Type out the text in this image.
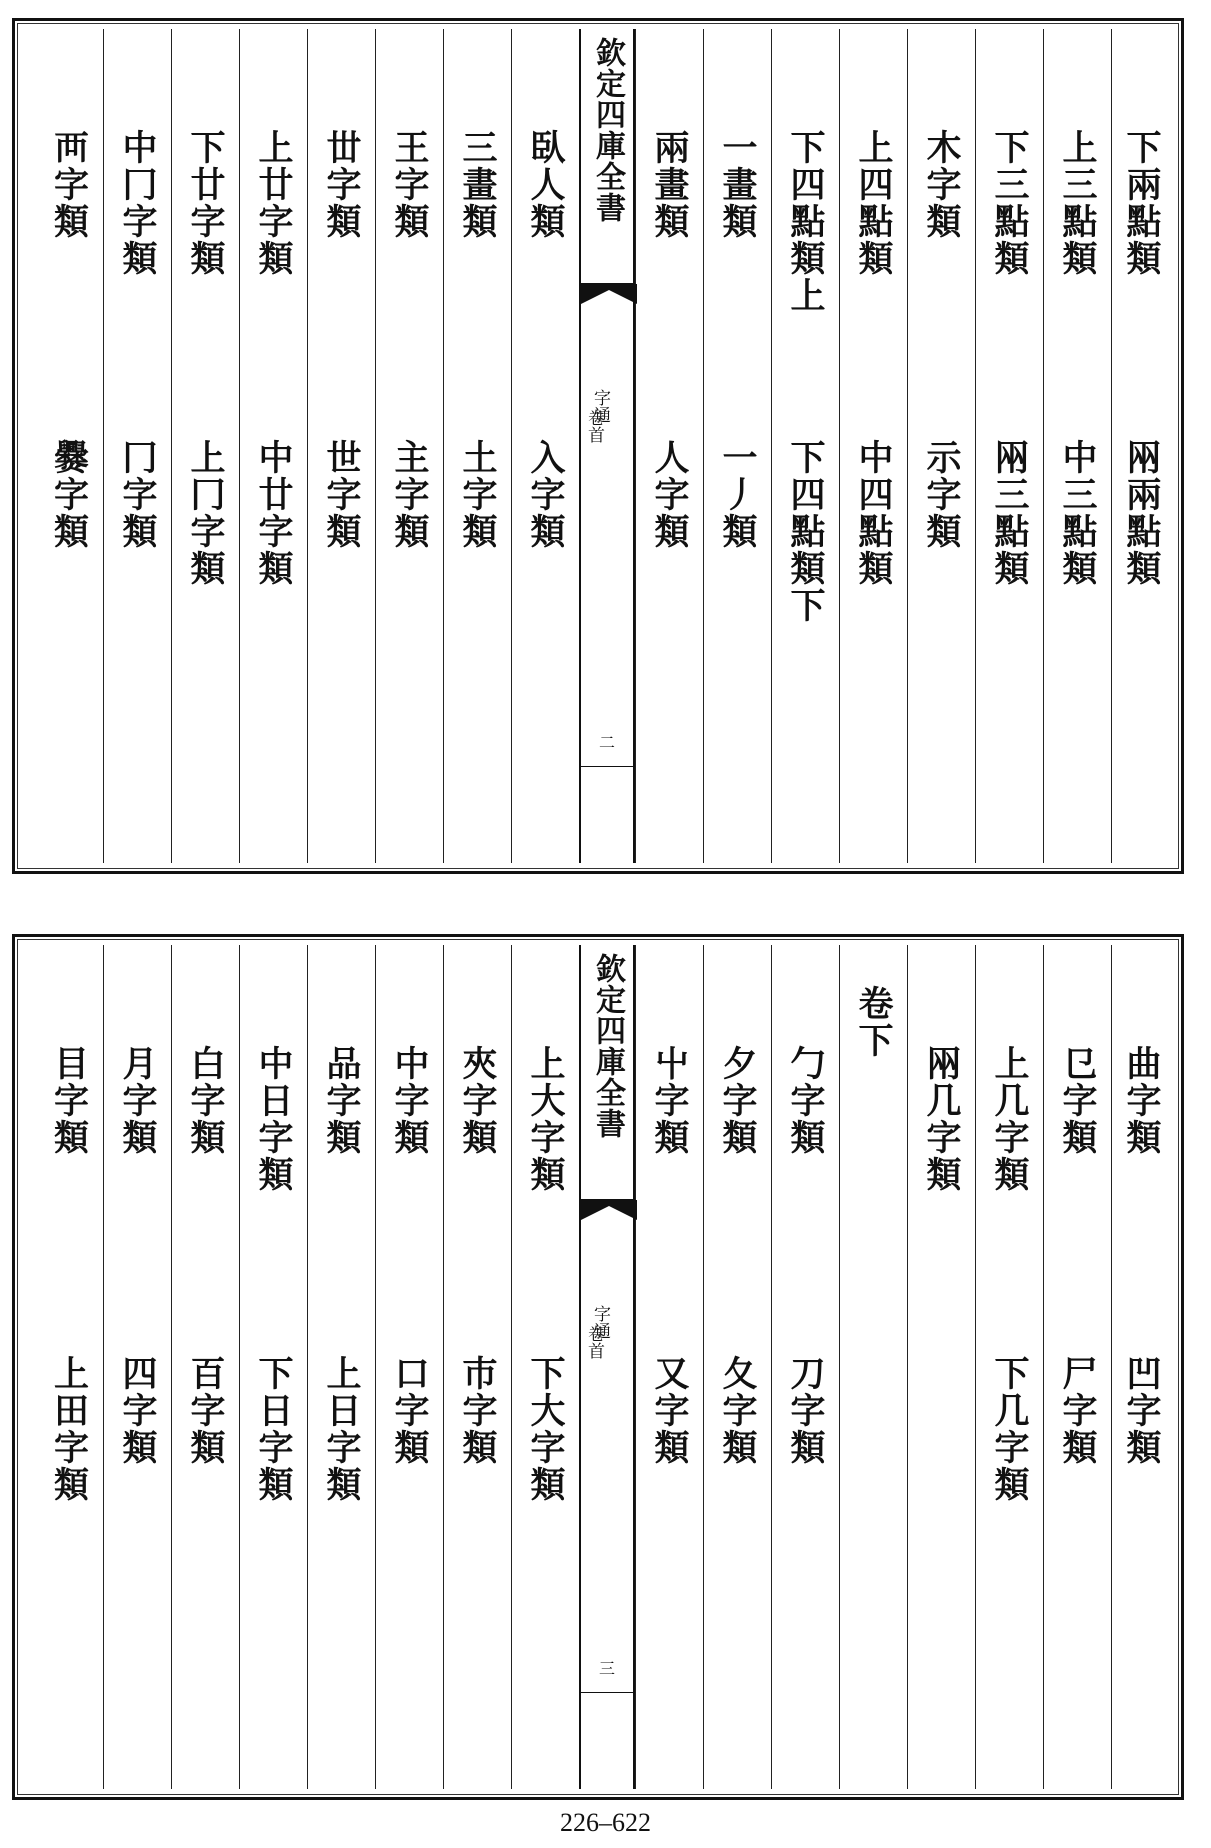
下兩點類
㒳兩點類
上三點類
中三點類
下三點類
㒳三點類
木字類
示字類
上四點類
中四點類
下四點類上
下四點類下
一畫類
一丿類
兩畫類
人字類
欽定四庫全書
字通
卷首
二
臥人類
入字類
三畫類
土字類
王字類
主字類
丗字類
世字類
上廿字類
中廿字類
下廿字類
上冂字類
中冂字類
冂字類
襾字類
爨字類
曲字類
凹字類
㔾字類
尸字類
上几字類
下几字類
㒳几字類
卷下
勹字類
刀字類
夕字類
夂字類
屮字類
又字類
欽定四庫全書
字通
卷首
三
上大字類
下大字類
夾字類
巿字類
中字類
口字類
品字類
上日字類
中日字類
下日字類
白字類
百字類
月字類
四字類
目字類
上田字類
226–622
